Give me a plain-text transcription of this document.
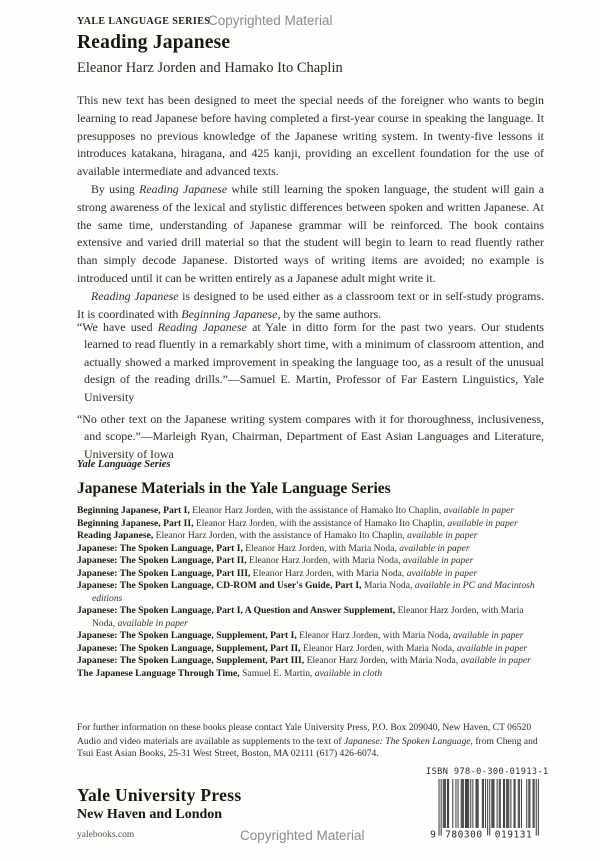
YALE LANGUAGE SERIES
Copyrighted Material
Reading Japanese
Eleanor Harz Jorden and Hamako Ito Chaplin

This new text has been designed to meet the special needs of the foreigner who wants to begin learning to read Japanese before having completed a first-year course in speaking the language. It presupposes no previous knowledge of the Japanese writing system. In twenty-five lessons it introduces katakana, hiragana, and 425 kanji, providing an excellent foundation for the use of available intermediate and advanced texts.

By using Reading Japanese while still learning the spoken language, the student will gain a strong awareness of the lexical and stylistic differences between spoken and written Japanese. At the same time, understanding of Japanese grammar will be reinforced. The book contains extensive and varied drill material so that the student will begin to learn to read fluently rather than simply decode Japanese. Distorted ways of writing items are avoided; no example is introduced until it can be written entirely as a Japanese adult might write it.

Reading Japanese is designed to be used either as a classroom text or in self-study programs. It is coordinated with Beginning Japanese, by the same authors.

“We have used Reading Japanese at Yale in ditto form for the past two years. Our students learned to read fluently in a remarkably short time, with a minimum of classroom attention, and actually showed a marked improvement in speaking the language too, as a result of the unusual design of the reading drills.”—Samuel E. Martin, Professor of Far Eastern Linguistics, Yale University

“No other text on the Japanese writing system compares with it for thoroughness, inclusiveness, and scope.”—Marleigh Ryan, Chairman, Department of East Asian Languages and Literature, University of Iowa

Yale Language Series
Japanese Materials in the Yale Language Series
Beginning Japanese, Part I, Eleanor Harz Jorden, with the assistance of Hamako Ito Chaplin, available in paper
Beginning Japanese, Part II, Eleanor Harz Jorden, with the assistance of Hamako Ito Chaplin, available in paper
Reading Japanese, Eleanor Harz Jorden, with the assistance of Hamako Ito Chaplin, available in paper
Japanese: The Spoken Language, Part I, Eleanor Harz Jorden, with Maria Noda, available in paper
Japanese: The Spoken Language, Part II, Eleanor Harz Jorden, with Maria Noda, available in paper
Japanese: The Spoken Language, Part III, Eleanor Harz Jorden, with Maria Noda, available in paper
Japanese: The Spoken Language, CD-ROM and User's Guide, Part I, Maria Noda, available in PC and Macintosh editions
Japanese: The Spoken Language, Part I, A Question and Answer Supplement, Eleanor Harz Jorden, with Maria Noda, available in paper
Japanese: The Spoken Language, Supplement, Part I, Eleanor Harz Jorden, with Maria Noda, available in paper
Japanese: The Spoken Language, Supplement, Part II, Eleanor Harz Jorden, with Maria Noda, available in paper
Japanese: The Spoken Language, Supplement, Part III, Eleanor Harz Jorden, with Maria Noda, available in paper
The Japanese Language Through Time, Samuel E. Martin, available in cloth

For further information on these books please contact Yale University Press, P.O. Box 209040, New Haven, CT 06520

Audio and video materials are available as supplements to the text of Japanese: The Spoken Language, from Cheng and Tsui East Asian Books, 25-31 West Street, Boston, MA 02111 (617) 426-6074.

Yale University Press
New Haven and London
yalebooks.com	Copyrighted Material
ISBN 978-0-300-01913-1
9 780300 019131
